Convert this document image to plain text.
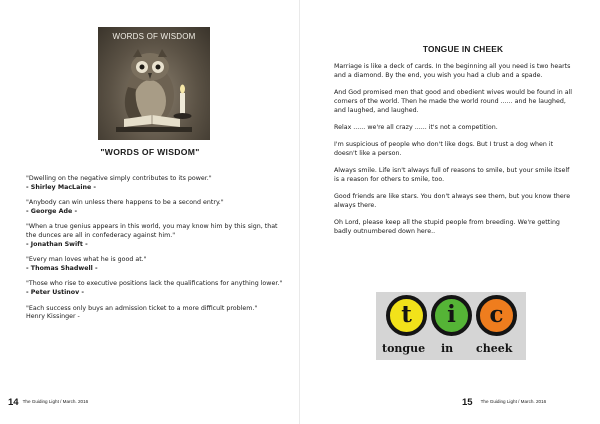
WORDS OF WISDOM
"WORDS OF WISDOM"
"Dwelling on the negative simply contributes to its power."
- Shirley MacLaine -
"Anybody can win unless there happens to be a second entry."
- George Ade -
"When a true genius appears in this world, you may know him by this sign, that the dunces are all in confederacy against him."
- Jonathan Swift -
"Every man loves what he is good at."
- Thomas Shadwell -
"Those who rise to executive positions lack the qualifications for anything lower."
- Peter Ustinov -
"Each success only buys an admission ticket to a more difficult problem."
Henry Kissinger -
14 The Guiding Light / March. 2016
TONGUE IN CHEEK

Marriage is like a deck of cards. In the beginning all you need is two hearts and a diamond. By the end, you wish you had a club and a spade.

And God promised men that good and obedient wives would be found in all corners of the world. Then he made the world round ...... and he laughed, and laughed, and laughed.

Relax ...... we're all crazy ...... it's not a competition.

I'm suspicious of people who don't like dogs. But I trust a dog when it doesn't like a person.

Always smile. Life isn't always full of reasons to smile, but your smile itself is a reason for others to smile, too.

Good friends are like stars. You don't always see them, but you know there always there.

Oh Lord, please keep all the stupid people from breeding. We're getting badly outnumbered down here..

t	i	c
tongue in cheek
15 The Guiding Light / March. 2016
